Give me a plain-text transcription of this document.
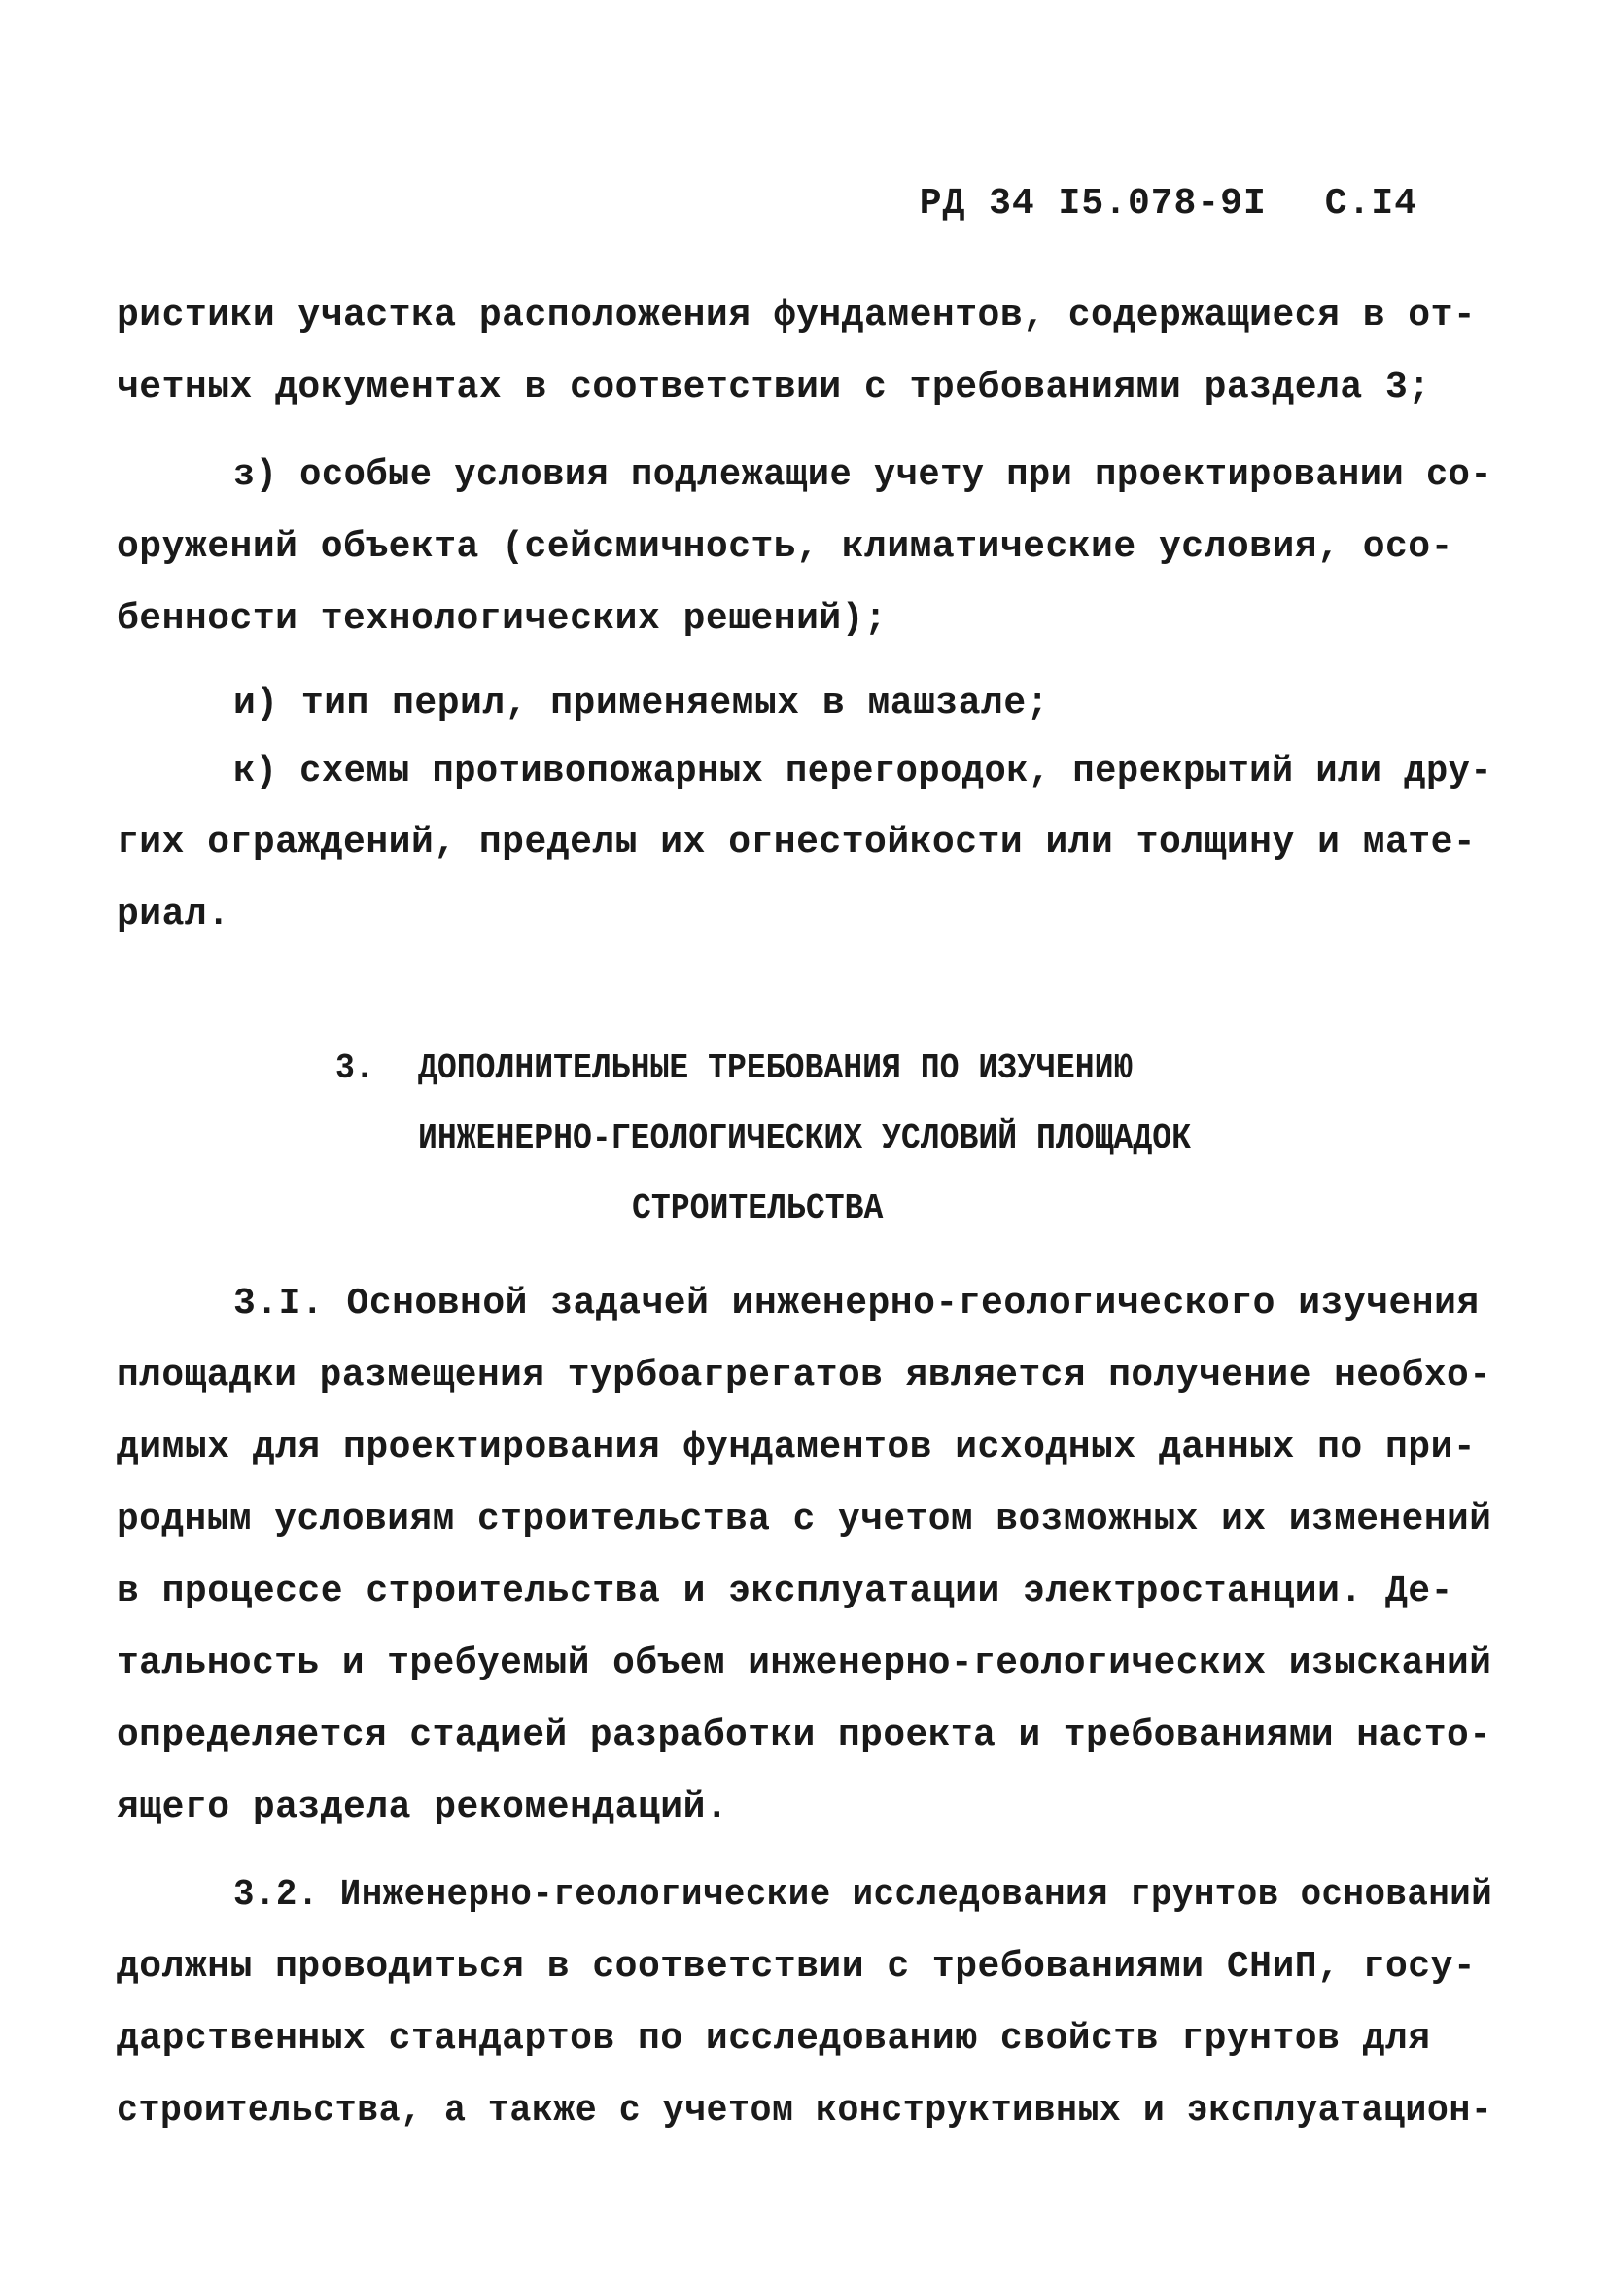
РД 34 I5.078-9I С.I4
ристики участка расположения фундаментов, содержащиеся в от-
четных документах в соответствии с требованиями раздела 3;
з) особые условия подлежащие учету при проектировании со-
оружений объекта (сейсмичность, климатические условия, осо-
бенности технологических решений);
и) тип перил, применяемых в машзале;
к) схемы противопожарных перегородок, перекрытий или дру-
гих ограждений, пределы их огнестойкости или толщину и мате-
риал.
3. ДОПОЛНИТЕЛЬНЫЕ ТРЕБОВАНИЯ ПО ИЗУЧЕНИЮ
ИНЖЕНЕРНО-ГЕОЛОГИЧЕСКИХ УСЛОВИЙ ПЛОЩАДОК
СТРОИТЕЛЬСТВА
3.I. Основной задачей инженерно-геологического изучения
площадки размещения турбоагрегатов является получение необхо-
димых для проектирования фундаментов исходных данных по при-
родным условиям строительства с учетом возможных их изменений
в процессе строительства и эксплуатации электростанции. Де-
тальность и требуемый объем инженерно-геологических изысканий
определяется стадией разработки проекта и требованиями насто-
ящего раздела рекомендаций.
3.2. Инженерно-геологические исследования грунтов оснований
должны проводиться в соответствии с требованиями СНиП, госу-
дарственных стандартов по исследованию свойств грунтов для
строительства, а также с учетом конструктивных и эксплуатацион-
